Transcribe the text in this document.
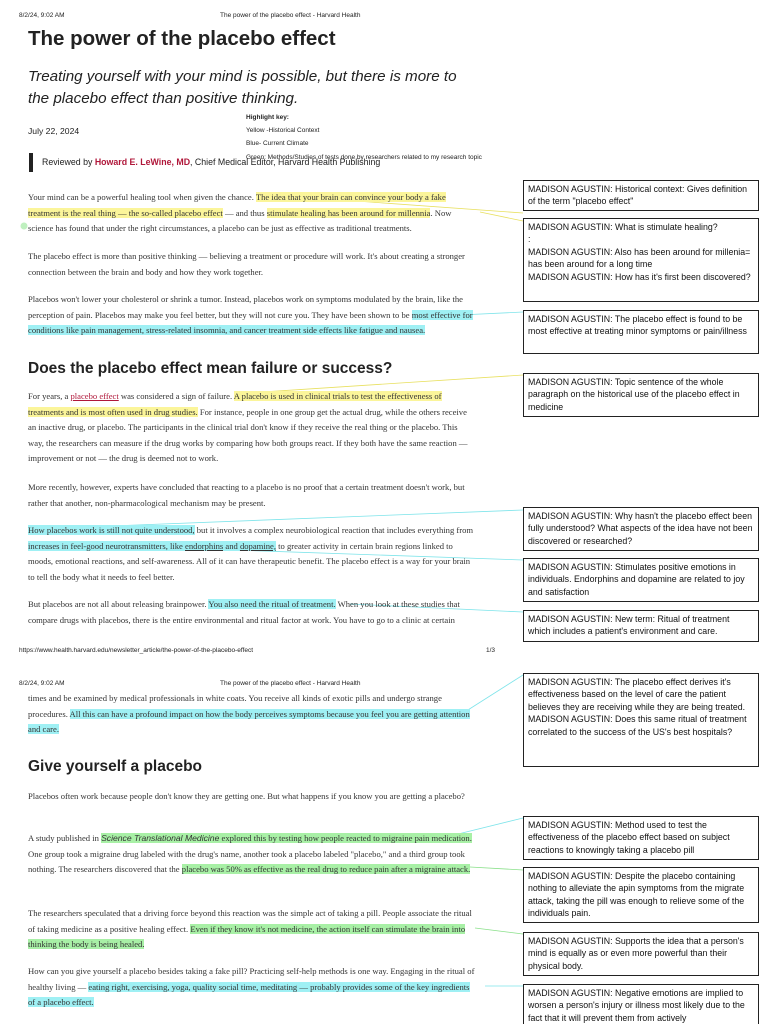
8/2/24, 9:02 AM	The power of the placebo effect - Harvard Health
The power of the placebo effect
Treating yourself with your mind is possible, but there is more to
the placebo effect than positive thinking.
July 22, 2024
Highlight key:
Yellow -Historical Context
Blue- Current Climate
Green: Methods/Studies of tests done by researchers related to my research topic
Reviewed by Howard E. LeWine, MD, Chief Medical Editor, Harvard Health Publishing

Your mind can be a powerful healing tool when given the chance. The idea that your brain can convince your body a fake treatment is the real thing — the so-called placebo effect — and thus stimulate healing has been around for millennia. Now science has found that under the right circumstances, a placebo can be just as effective as traditional treatments.

The placebo effect is more than positive thinking — believing a treatment or procedure will work. It's about creating a stronger connection between the brain and body and how they work together.

Placebos won't lower your cholesterol or shrink a tumor. Instead, placebos work on symptoms modulated by the brain, like the perception of pain. Placebos may make you feel better, but they will not cure you. They have been shown to be most effective for conditions like pain management, stress-related insomnia, and cancer treatment side effects like fatigue and nausea.

Does the placebo effect mean failure or success?

For years, a placebo effect was considered a sign of failure. A placebo is used in clinical trials to test the effectiveness of treatments and is most often used in drug studies. For instance, people in one group get the actual drug, while the others receive an inactive drug, or placebo. The participants in the clinical trial don't know if they receive the real thing or the placebo. This way, the researchers can measure if the drug works by comparing how both groups react. If they both have the same reaction — improvement or not — the drug is deemed not to work.

More recently, however, experts have concluded that reacting to a placebo is no proof that a certain treatment doesn't work, but rather that another, non-pharmacological mechanism may be present.

How placebos work is still not quite understood, but it involves a complex neurobiological reaction that includes everything from increases in feel-good neurotransmitters, like endorphins and dopamine, to greater activity in certain brain regions linked to moods, emotional reactions, and self-awareness. All of it can have therapeutic benefit. The placebo effect is a way for your brain to tell the body what it needs to feel better.

But placebos are not all about releasing brainpower. You also need the ritual of treatment. When you look at these studies that compare drugs with placebos, there is the entire environmental and ritual factor at work. You have to go to a clinic at certain

https://www.health.harvard.edu/newsletter_article/the-power-of-the-placebo-effect	1/3
8/2/24, 9:02 AM	The power of the placebo effect - Harvard Health

times and be examined by medical professionals in white coats. You receive all kinds of exotic pills and undergo strange procedures. All this can have a profound impact on how the body perceives symptoms because you feel you are getting attention and care.

Give yourself a placebo

Placebos often work because people don't know they are getting one. But what happens if you know you are getting a placebo?

A study published in Science Translational Medicine explored this by testing how people reacted to migraine pain medication. One group took a migraine drug labeled with the drug's name, another took a placebo labeled "placebo," and a third group took nothing. The researchers discovered that the placebo was 50% as effective as the real drug to reduce pain after a migraine attack.

The researchers speculated that a driving force beyond this reaction was the simple act of taking a pill. People associate the ritual of taking medicine as a positive healing effect. Even if they know it's not medicine, the action itself can stimulate the brain into thinking the body is being healed.

How can you give yourself a placebo besides taking a fake pill? Practicing self-help methods is one way. Engaging in the ritual of healthy living — eating right, exercising, yoga, quality social time, meditating — probably provides some of the key ingredients of a placebo effect.

MADISON AGUSTIN: Historical context: Gives definition of the term "placebo effect"
MADISON AGUSTIN: What is stimulate healing?
:
MADISON AGUSTIN: Also has been around for millenia= has been around for a long time
MADISON AGUSTIN: How has it's first been discovered?
MADISON AGUSTIN: The placebo effect is found to be most effective at treating minor symptoms or pain/illness
MADISON AGUSTIN: Topic sentence of the whole paragraph on the historical use of the placebo effect in medicine
MADISON AGUSTIN: Why hasn't the placebo effect been fully understood? What aspects of the idea have not been discovered or researched?
MADISON AGUSTIN: Stimulates positive emotions in individuals. Endorphins and dopamine are related to joy and satisfaction
MADISON AGUSTIN: New term: Ritual of treatment which includes a patient's environment and care.
MADISON AGUSTIN: The placebo effect derives it's effectiveness based on the level of care the patient believes they are receiving while they are being treated.
MADISON AGUSTIN: Does this same ritual of treatment correlated to the success of the US's best hospitals?
MADISON AGUSTIN: Method used to test the effectiveness of the placebo effect based on subject reactions to knowingly taking a placebo pill
MADISON AGUSTIN: Despite the placebo containing nothing to alleviate the apin symptoms from the migrate attack, taking the pill was enough to relieve some of the individuals pain.
MADISON AGUSTIN: Supports the idea that a person's mind is equally as or even more powerful than their physical body.
MADISON AGUSTIN: Negative emotions are implied to worsen a person's injury or illness most likely due to the fact that it will prevent them from actively
